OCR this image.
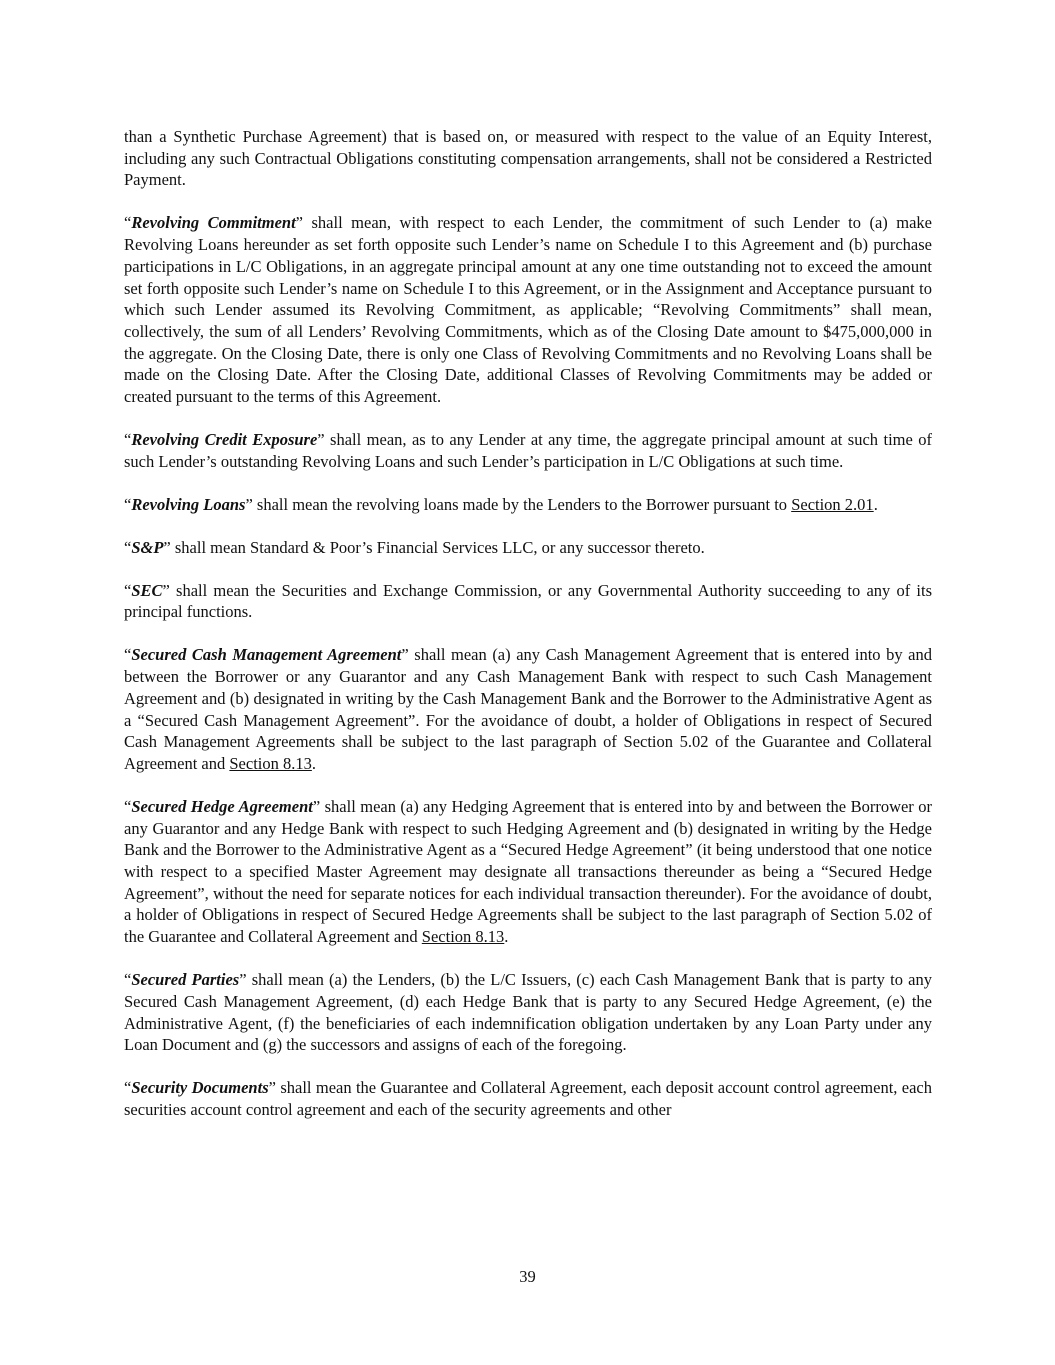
than a Synthetic Purchase Agreement) that is based on, or measured with respect to the value of an Equity Interest, including any such Contractual Obligations constituting compensation arrangements, shall not be considered a Restricted Payment.

“Revolving Commitment” shall mean, with respect to each Lender, the commitment of such Lender to (a) make Revolving Loans hereunder as set forth opposite such Lender’s name on Schedule I to this Agreement and (b) purchase participations in L/C Obligations, in an aggregate principal amount at any one time outstanding not to exceed the amount set forth opposite such Lender’s name on Schedule I to this Agreement, or in the Assignment and Acceptance pursuant to which such Lender assumed its Revolving Commitment, as applicable; “Revolving Commitments” shall mean, collectively, the sum of all Lenders’ Revolving Commitments, which as of the Closing Date amount to $475,000,000 in the aggregate. On the Closing Date, there is only one Class of Revolving Commitments and no Revolving Loans shall be made on the Closing Date. After the Closing Date, additional Classes of Revolving Commitments may be added or created pursuant to the terms of this Agreement.

“Revolving Credit Exposure” shall mean, as to any Lender at any time, the aggregate principal amount at such time of such Lender’s outstanding Revolving Loans and such Lender’s participation in L/C Obligations at such time.

“Revolving Loans” shall mean the revolving loans made by the Lenders to the Borrower pursuant to Section 2.01.

“S&P” shall mean Standard & Poor’s Financial Services LLC, or any successor thereto.

“SEC” shall mean the Securities and Exchange Commission, or any Governmental Authority succeeding to any of its principal functions.

“Secured Cash Management Agreement” shall mean (a) any Cash Management Agreement that is entered into by and between the Borrower or any Guarantor and any Cash Management Bank with respect to such Cash Management Agreement and (b) designated in writing by the Cash Management Bank and the Borrower to the Administrative Agent as a “Secured Cash Management Agreement”. For the avoidance of doubt, a holder of Obligations in respect of Secured Cash Management Agreements shall be subject to the last paragraph of Section 5.02 of the Guarantee and Collateral Agreement and Section 8.13.

“Secured Hedge Agreement” shall mean (a) any Hedging Agreement that is entered into by and between the Borrower or any Guarantor and any Hedge Bank with respect to such Hedging Agreement and (b) designated in writing by the Hedge Bank and the Borrower to the Administrative Agent as a “Secured Hedge Agreement” (it being understood that one notice with respect to a specified Master Agreement may designate all transactions thereunder as being a “Secured Hedge Agreement”, without the need for separate notices for each individual transaction thereunder). For the avoidance of doubt, a holder of Obligations in respect of Secured Hedge Agreements shall be subject to the last paragraph of Section 5.02 of the Guarantee and Collateral Agreement and Section 8.13.

“Secured Parties” shall mean (a) the Lenders, (b) the L/C Issuers, (c) each Cash Management Bank that is party to any Secured Cash Management Agreement, (d) each Hedge Bank that is party to any Secured Hedge Agreement, (e) the Administrative Agent, (f) the beneficiaries of each indemnification obligation undertaken by any Loan Party under any Loan Document and (g) the successors and assigns of each of the foregoing.

“Security Documents” shall mean the Guarantee and Collateral Agreement, each deposit account control agreement, each securities account control agreement and each of the security agreements and other

39
